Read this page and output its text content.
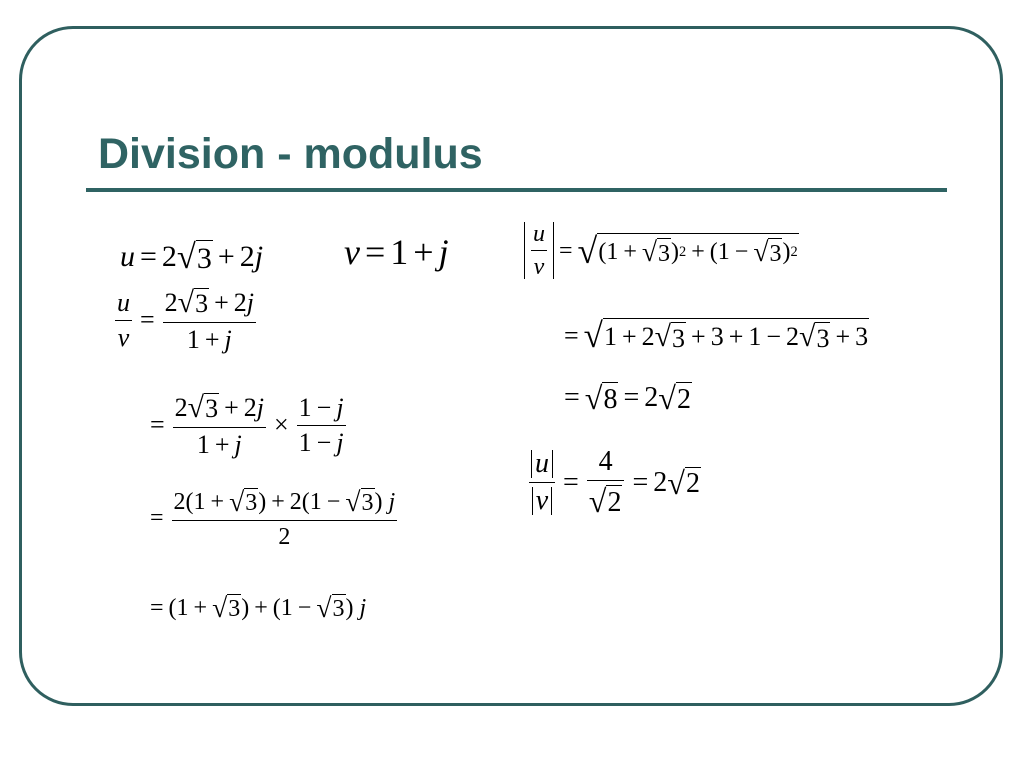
Division - modulus
u = 2 √ 3 + 2 j v = 1 + j
$\frac{u}{v} = \frac{2 √ 3 + 2 j}{1 + j}$
= $\frac{2 √ 3 + 2 j}{1 + j} \times \frac{1 - j}{1 - j}$
= $\frac{2 ( 1 + √ 3 ) + 2 ( 1 - √ 3 ) j}{2}$
= ( 1 + √ 3 ) + ( 1 − √ 3 ) j
$\frac{u}{v}$ = √ ( 1 + √ 3 ) 2 + ( 1 − √ 3 ) 2
= √ 1 + 2 √ 3 + 3 + 1 − 2 √ 3 + 3
= √ 8 = 2 √ 2
$\frac{u}{v} = \frac{4}{√ 2} = 2$ √ 2
